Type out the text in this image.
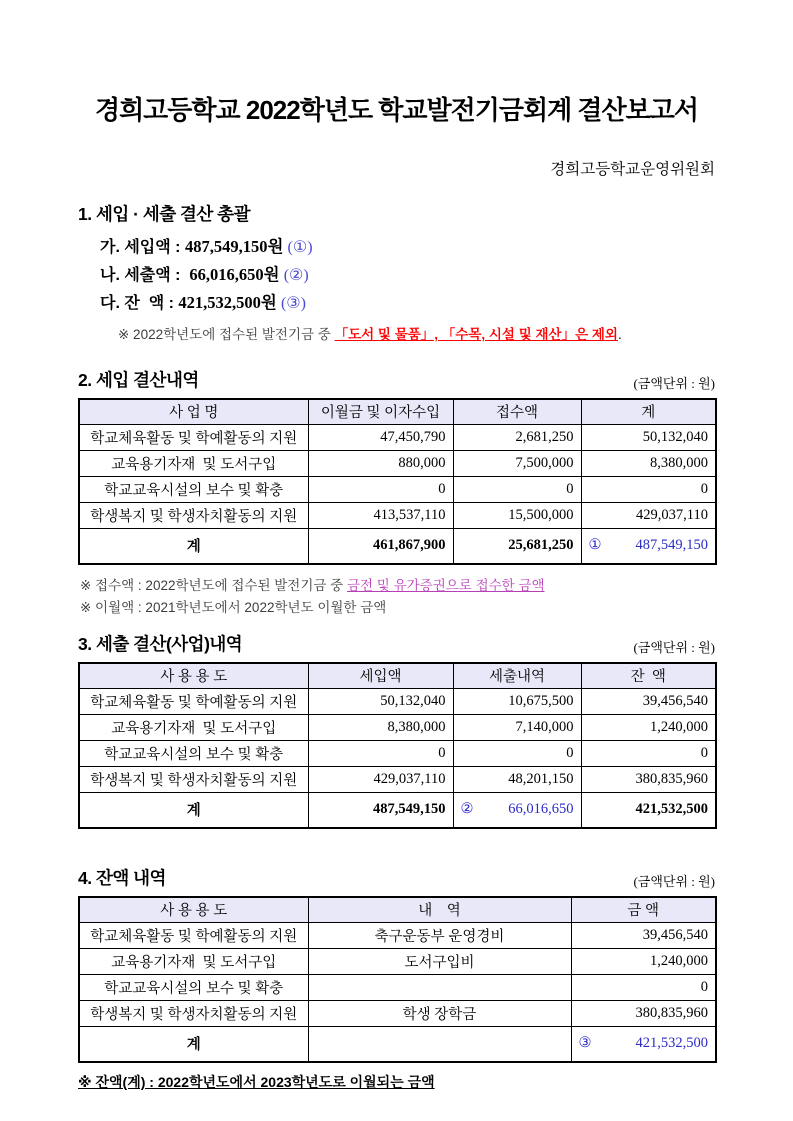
경희고등학교 2022학년도 학교발전기금회계 결산보고서
경희고등학교운영위원회
1. 세입 · 세출 결산 총괄
가. 세입액 : 487,549,150원 (①)
나. 세출액 :  66,016,650원 (②)
다. 잔  액 : 421,532,500원 (③)
※ 2022학년도에 접수된 발전기금 중 「도서 및 물품」, 「수목, 시설 및 재산」은 제외.
2. 세입 결산내역	(금액단위 : 원)
사 업 명	이월금 및 이자수입	접수액	계
학교체육활동 및 학예활동의 지원	47,450,790	2,681,250	50,132,040
교육용기자재  및 도서구입	880,000	7,500,000	8,380,000
학교교육시설의 보수 및 확충	0	0	0
학생복지 및 학생자치활동의 지원	413,537,110	15,500,000	429,037,110
계	461,867,900	25,681,250	① 487,549,150
※ 접수액 : 2022학년도에 접수된 발전기금 중 금전 및 유가증권으로 접수한 금액
※ 이월액 : 2021학년도에서 2022학년도 이월한 금액
3. 세출 결산(사업)내역	(금액단위 : 원)
사 용 용 도	세입액	세출내역	잔  액
학교체육활동 및 학예활동의 지원	50,132,040	10,675,500	39,456,540
교육용기자재  및 도서구입	8,380,000	7,140,000	1,240,000
학교교육시설의 보수 및 확충	0	0	0
학생복지 및 학생자치활동의 지원	429,037,110	48,201,150	380,835,960
계	487,549,150	② 66,016,650	421,532,500
4. 잔액 내역	(금액단위 : 원)
사 용 용 도	내    역	금 액
학교체육활동 및 학예활동의 지원	축구운동부 운영경비	39,456,540
교육용기자재  및 도서구입	도서구입비	1,240,000
학교교육시설의 보수 및 확충		0
학생복지 및 학생자치활동의 지원	학생 장학금	380,835,960
계		③ 421,532,500
※ 잔액(계) : 2022학년도에서 2023학년도로 이월되는 금액
